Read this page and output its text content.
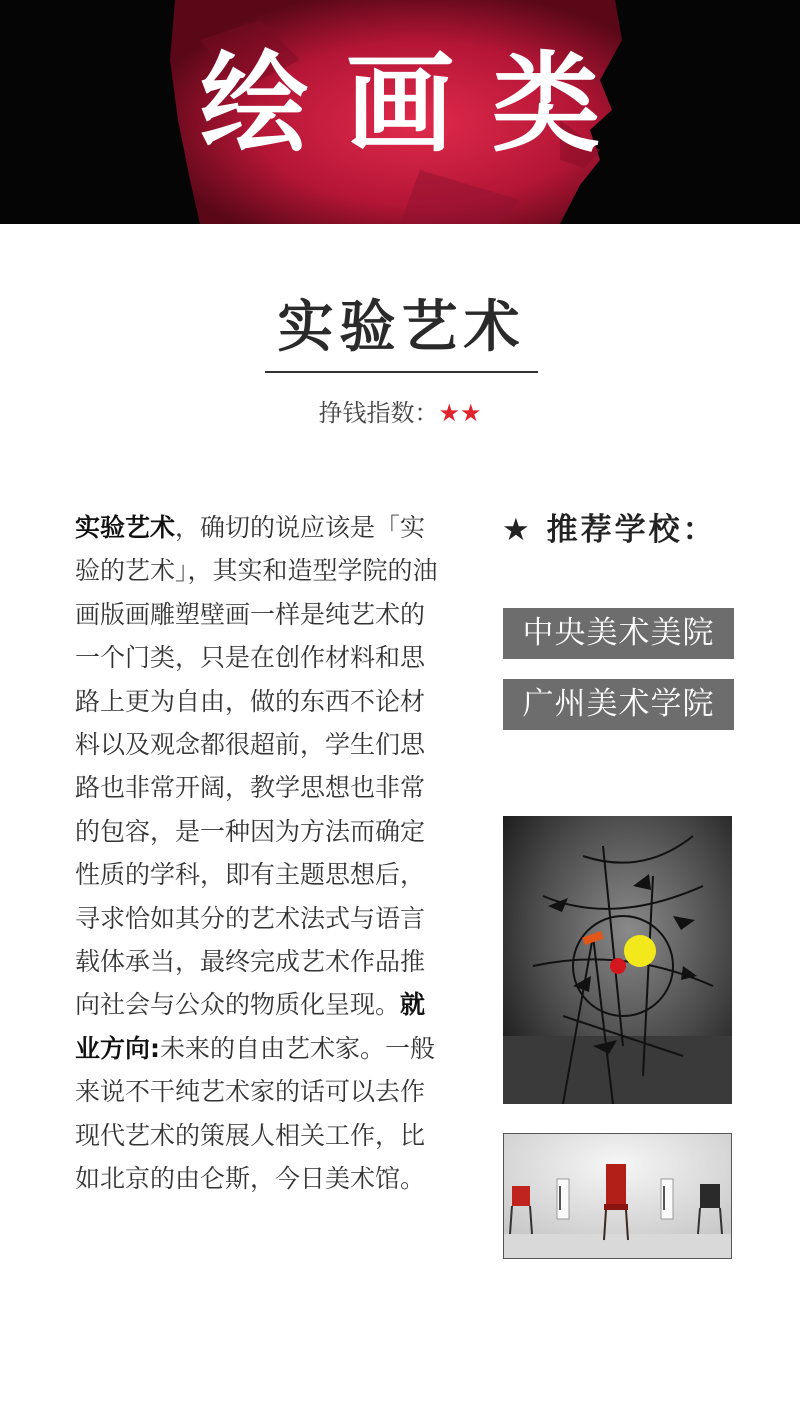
绘画类
实验艺术
挣钱指数：★★

实验艺术，确切的说应该是「实验的艺术」，其实和造型学院的油画版画雕塑壁画一样是纯艺术的一个门类，只是在创作材料和思路上更为自由，做的东西不论材料以及观念都很超前，学生们思路也非常开阔，教学思想也非常的包容，是一种因为方法而确定性质的学科，即有主题思想后，寻求恰如其分的艺术法式与语言载体承当，最终完成艺术作品推向社会与公众的物质化呈现。就业方向:未来的自由艺术家。一般来说不干纯艺术家的话可以去作现代艺术的策展人相关工作，比如北京的由仑斯，今日美术馆。

★ 推荐学校：
中央美术美院
广州美术学院
